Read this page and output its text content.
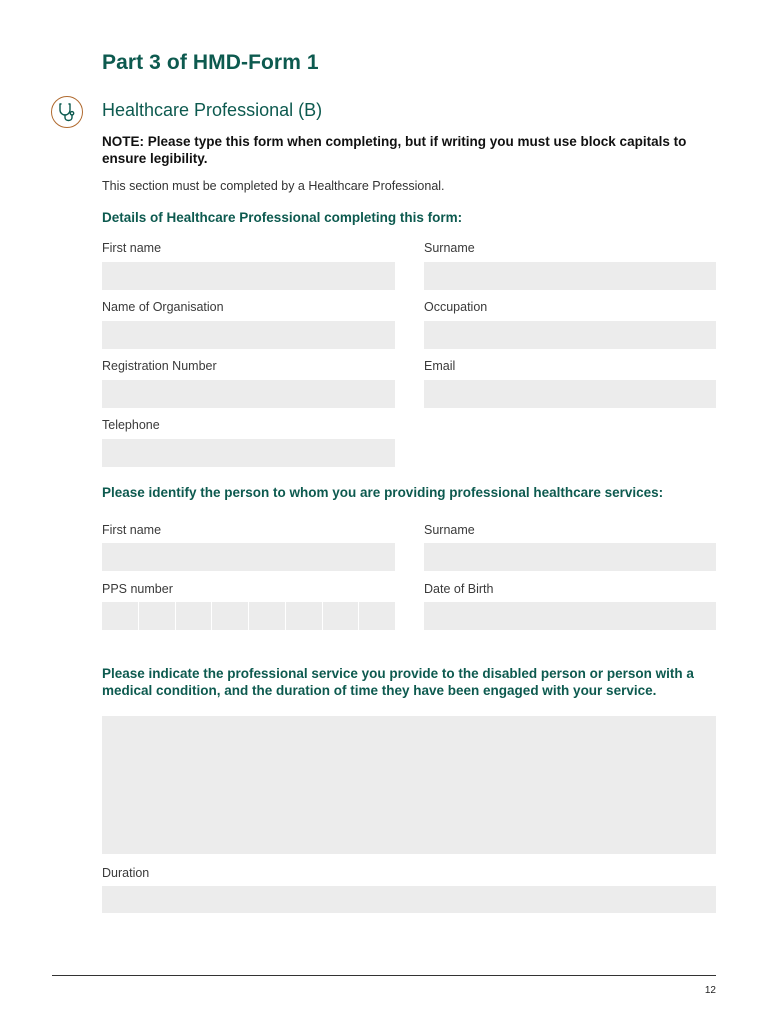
Part 3 of HMD-Form 1
Healthcare Professional (B)
NOTE: Please type this form when completing, but if writing you must use block capitals to ensure legibility.
This section must be completed by a Healthcare Professional.
Details of Healthcare Professional completing this form:
First name	Surname
Name of Organisation	Occupation
Registration Number	Email
Telephone
Please identify the person to whom you are providing professional healthcare services:
First name	Surname
PPS number	Date of Birth
Please indicate the professional service you provide to the disabled person or person with a medical condition, and the duration of time they have been engaged with your service.
Duration
12
